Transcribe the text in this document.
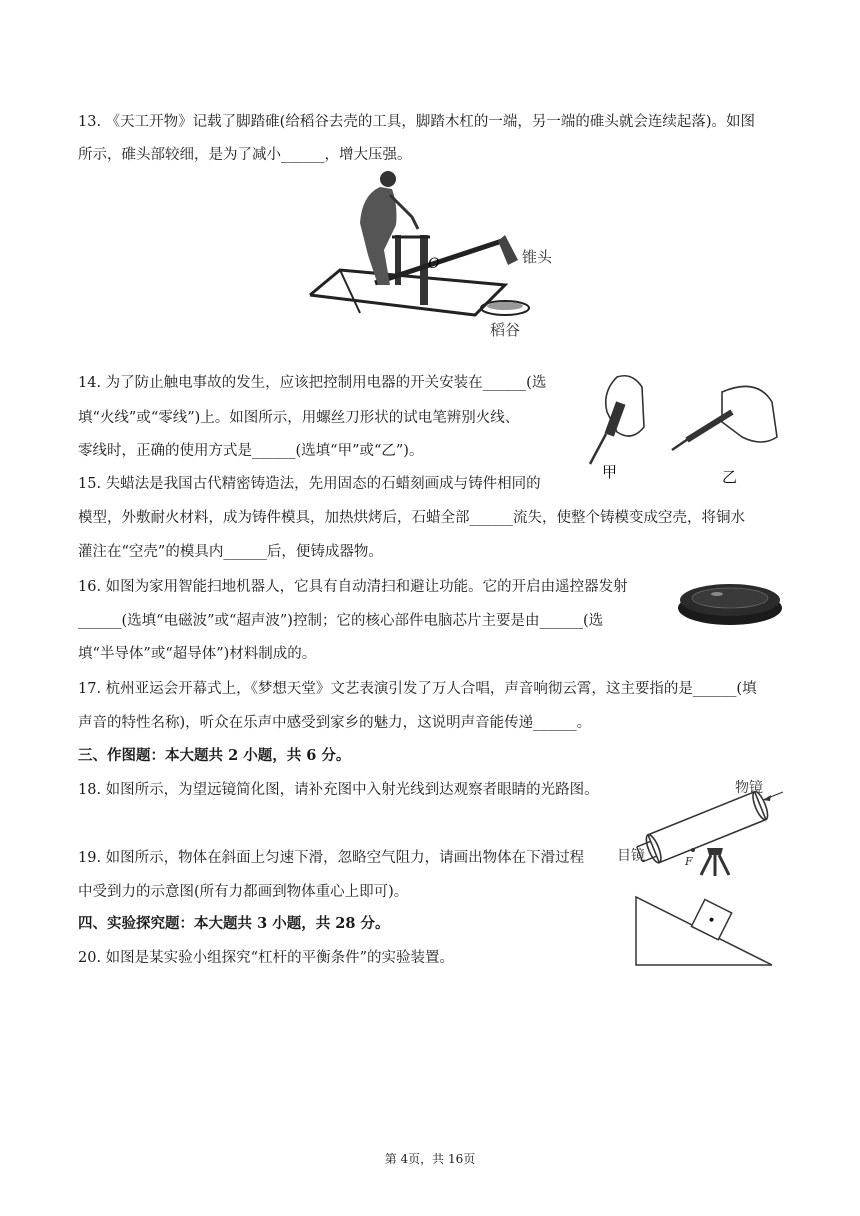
13. 《天工开物》记载了脚踏碓(给稻谷去壳的工具，脚踏木杠的一端，另一端的碓头就会连续起落)。如图
所示，碓头部较细，是为了减小______，增大压强。
O	锥头
稻谷
14. 为了防止触电事故的发生，应该把控制用电器的开关安装在______(选
填“火线”或“零线”)上。如图所示，用螺丝刀形状的试电笔辨别火线、
零线时，正确的使用方式是______(选填“甲”或“乙”)。
甲	乙
15. 失蜡法是我国古代精密铸造法，先用固态的石蜡刻画成与铸件相同的
模型，外敷耐火材料，成为铸件模具，加热烘烤后，石蜡全部______流失，使整个铸模变成空壳，将铜水
灌注在“空壳”的模具内______后，便铸成器物。
16. 如图为家用智能扫地机器人，它具有自动清扫和避让功能。它的开启由遥控器发射
______(选填“电磁波”或“超声波”)控制；它的核心部件电脑芯片主要是由______(选
填“半导体”或“超导体”)材料制成的。
17. 杭州亚运会开幕式上，《梦想天堂》文艺表演引发了万人合唱，声音响彻云霄，这主要指的是______(填
声音的特性名称)，听众在乐声中感受到家乡的魅力，这说明声音能传递______。
三、作图题：本大题共 2 小题，共 6 分。
18. 如图所示，为望远镜简化图，请补充图中入射光线到达观察者眼睛的光路图。	物镜
目镜	F
19. 如图所示，物体在斜面上匀速下滑，忽略空气阻力，请画出物体在下滑过程
中受到力的示意图(所有力都画到物体重心上即可)。
四、实验探究题：本大题共 3 小题，共 28 分。
20. 如图是某实验小组探究“杠杆的平衡条件”的实验装置。
第 4页，共 16页
